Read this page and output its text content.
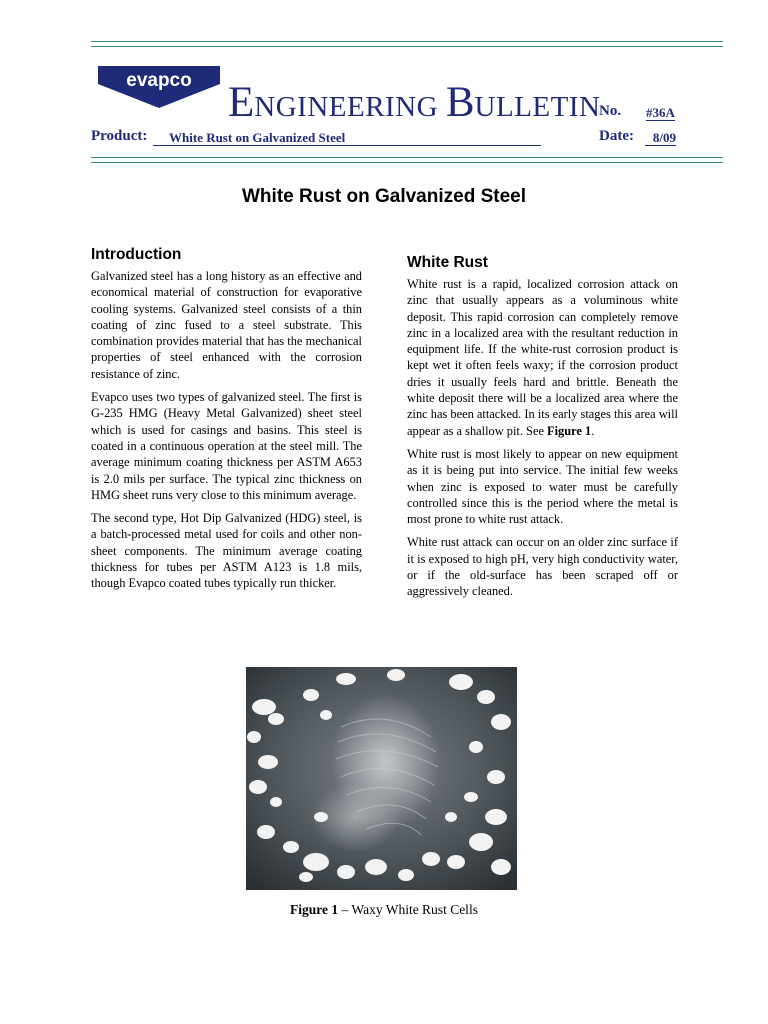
evapco ENGINEERING BULLETIN
No. #36A
Product:	White Rust on Galvanized Steel	Date:	8/09
White Rust on Galvanized Steel
Introduction

Galvanized steel has a long history as an effective and economical material of construction for evaporative cooling systems. Galvanized steel consists of a thin coating of zinc fused to a steel substrate. This combination provides material that has the mechanical properties of steel enhanced with the corrosion resistance of zinc.

Evapco uses two types of galvanized steel. The first is G-235 HMG (Heavy Metal Galvanized) sheet steel which is used for casings and basins. This steel is coated in a continuous operation at the steel mill. The average minimum coating thickness per ASTM A653 is 2.0 mils per surface. The typical zinc thickness on HMG sheet runs very close to this minimum average.

The second type, Hot Dip Galvanized (HDG) steel, is a batch-processed metal used for coils and other non-sheet components. The minimum average coating thickness for tubes per ASTM A123 is 1.8 mils, though Evapco coated tubes typically run thicker.

White Rust

White rust is a rapid, localized corrosion attack on zinc that usually appears as a voluminous white deposit. This rapid corrosion can completely remove zinc in a localized area with the resultant reduction in equipment life. If the white-rust corrosion product is kept wet it often feels waxy; if the corrosion product dries it usually feels hard and brittle. Beneath the white deposit there will be a localized area where the zinc has been attacked. In its early stages this area will appear as a shallow pit. See Figure 1.

White rust is most likely to appear on new equipment as it is being put into service. The initial few weeks when zinc is exposed to water must be carefully controlled since this is the period where the metal is most prone to white rust attack.

White rust attack can occur on an older zinc surface if it is exposed to high pH, very high conductivity water, or if the old-surface has been scraped off or aggressively cleaned.

Figure 1 – Waxy White Rust Cells
